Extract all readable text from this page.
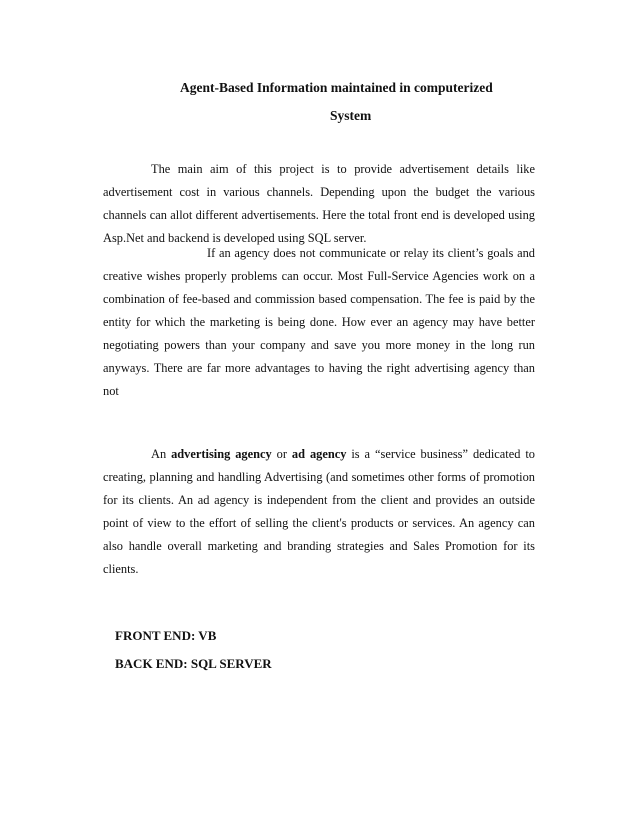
Agent-Based Information maintained in computerized
System

The main aim of this project is to provide advertisement details like advertisement cost in various channels. Depending upon the budget the various channels can allot different advertisements. Here the total front end is developed using Asp.Net and backend is developed using SQL server.

If an agency does not communicate or relay its client’s goals and creative wishes properly problems can occur. Most Full-Service Agencies work on a combination of fee-based and commission based compensation. The fee is paid by the entity for which the marketing is being done. How ever an agency may have better negotiating powers than your company and save you more money in the long run anyways. There are far more advantages to having the right advertising agency than not

An advertising agency or ad agency is a “service business” dedicated to creating, planning and handling Advertising (and sometimes other forms of promotion for its clients. An ad agency is independent from the client and provides an outside point of view to the effort of selling the client's products or services. An agency can also handle overall marketing and branding strategies and Sales Promotion for its clients.

FRONT END: VB
BACK END: SQL SERVER
